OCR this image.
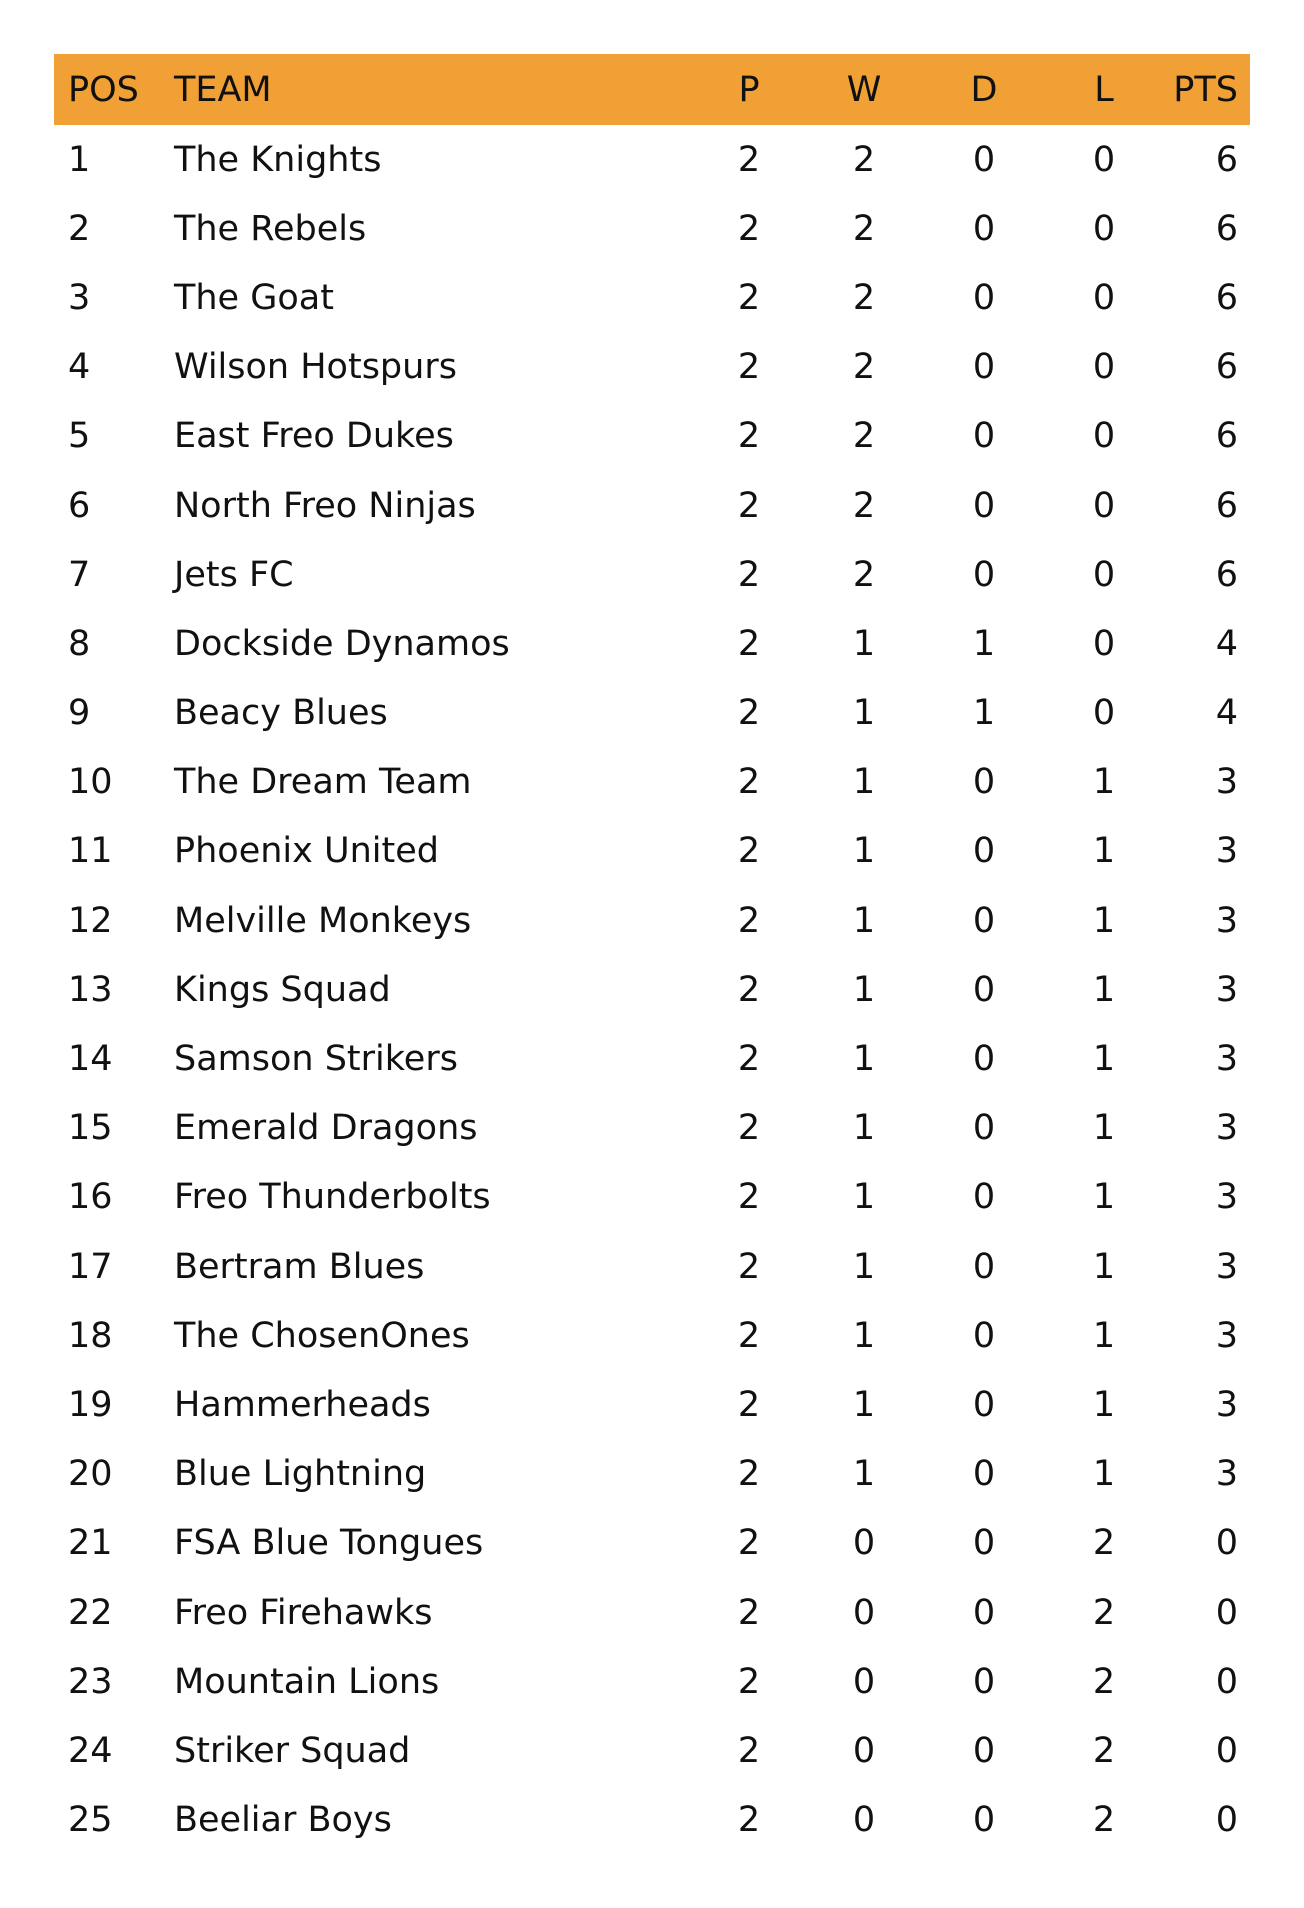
POS	TEAM	P	W	D	L	PTS
1	The Knights	2	2	0	0	6
2	The Rebels	2	2	0	0	6
3	The Goat	2	2	0	0	6
4	Wilson Hotspurs	2	2	0	0	6
5	East Freo Dukes	2	2	0	0	6
6	North Freo Ninjas	2	2	0	0	6
7	Jets FC	2	2	0	0	6
8	Dockside Dynamos	2	1	1	0	4
9	Beacy Blues	2	1	1	0	4
10	The Dream Team	2	1	0	1	3
11	Phoenix United	2	1	0	1	3
12	Melville Monkeys	2	1	0	1	3
13	Kings Squad	2	1	0	1	3
14	Samson Strikers	2	1	0	1	3
15	Emerald Dragons	2	1	0	1	3
16	Freo Thunderbolts	2	1	0	1	3
17	Bertram Blues	2	1	0	1	3
18	The ChosenOnes	2	1	0	1	3
19	Hammerheads	2	1	0	1	3
20	Blue Lightning	2	1	0	1	3
21	FSA Blue Tongues	2	0	0	2	0
22	Freo Firehawks	2	0	0	2	0
23	Mountain Lions	2	0	0	2	0
24	Striker Squad	2	0	0	2	0
25	Beeliar Boys	2	0	0	2	0
